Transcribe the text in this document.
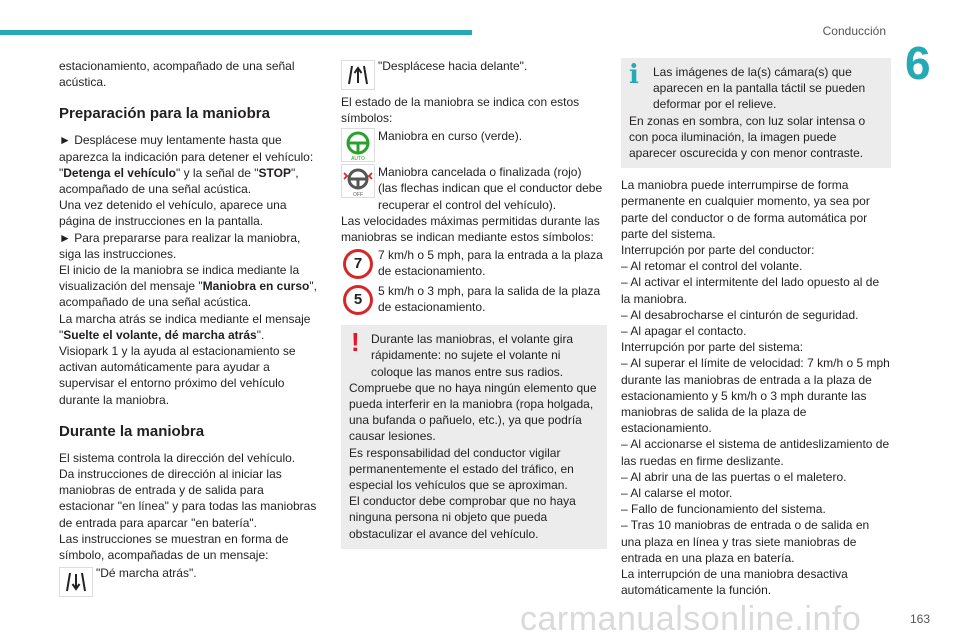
Conducción
6

estacionamiento, acompañado de una señal acústica.

Preparación para la maniobra

► Desplácese muy lentamente hasta que aparezca la indicación para detener el vehículo: "Detenga el vehículo" y la señal de "STOP", acompañado de una señal acústica.

Una vez detenido el vehículo, aparece una página de instrucciones en la pantalla.

► Para prepararse para realizar la maniobra, siga las instrucciones.

El inicio de la maniobra se indica mediante la visualización del mensaje "Maniobra en curso", acompañado de una señal acústica.

La marcha atrás se indica mediante el mensaje "Suelte el volante, dé marcha atrás".

Visiopark 1 y la ayuda al estacionamiento se activan automáticamente para ayudar a supervisar el entorno próximo del vehículo durante la maniobra.

Durante la maniobra

El sistema controla la dirección del vehículo.

Da instrucciones de dirección al iniciar las maniobras de entrada y de salida para estacionar "en línea" y para todas las maniobras de entrada para aparcar "en batería".

Las instrucciones se muestran en forma de símbolo, acompañadas de un mensaje:

"Dé marcha atrás".
"Desplácese hacia delante".

El estado de la maniobra se indica con estos símbolos:

AUTO
Maniobra en curso (verde).
OFF
Maniobra cancelada o finalizada (rojo)

(las flechas indican que el conductor debe recuperar el control del vehículo).

Las velocidades máximas permitidas durante las maniobras se indican mediante estos símbolos:

7	7 km/h o 5 mph, para la entrada a la plaza de estacionamiento.
5	5 km/h o 3 mph, para la salida de la plaza de estacionamiento.
! Durante las maniobras, el volante gira rápidamente: no sujete el volante ni coloque las manos entre sus radios.

Compruebe que no haya ningún elemento que pueda interferir en la maniobra (ropa holgada, una bufanda o pañuelo, etc.), ya que podría causar lesiones.

Es responsabilidad del conductor vigilar permanentemente el estado del tráfico, en especial los vehículos que se aproximan.

El conductor debe comprobar que no haya ninguna persona ni objeto que pueda obstaculizar el avance del vehículo.

i	Las imágenes de la(s) cámara(s) que aparecen en la pantalla táctil se pueden deformar por el relieve.

En zonas en sombra, con luz solar intensa o con poca iluminación, la imagen puede aparecer oscurecida y con menor contraste.

La maniobra puede interrumpirse de forma permanente en cualquier momento, ya sea por parte del conductor o de forma automática por parte del sistema.

Interrupción por parte del conductor:

– Al retomar el control del volante.

– Al activar el intermitente del lado opuesto al de la maniobra.

– Al desabrocharse el cinturón de seguridad.

– Al apagar el contacto.

Interrupción por parte del sistema:

– Al superar el límite de velocidad: 7 km/h o 5 mph durante las maniobras de entrada a la plaza de estacionamiento y 5 km/h o 3 mph durante las maniobras de salida de la plaza de estacionamiento.

– Al accionarse el sistema de antideslizamiento de las ruedas en firme deslizante.

– Al abrir una de las puertas o el maletero.

– Al calarse el motor.

– Fallo de funcionamiento del sistema.

– Tras 10 maniobras de entrada o de salida en una plaza en línea y tras siete maniobras de entrada en una plaza en batería.

La interrupción de una maniobra desactiva automáticamente la función.

carmanualsonline.info	163
